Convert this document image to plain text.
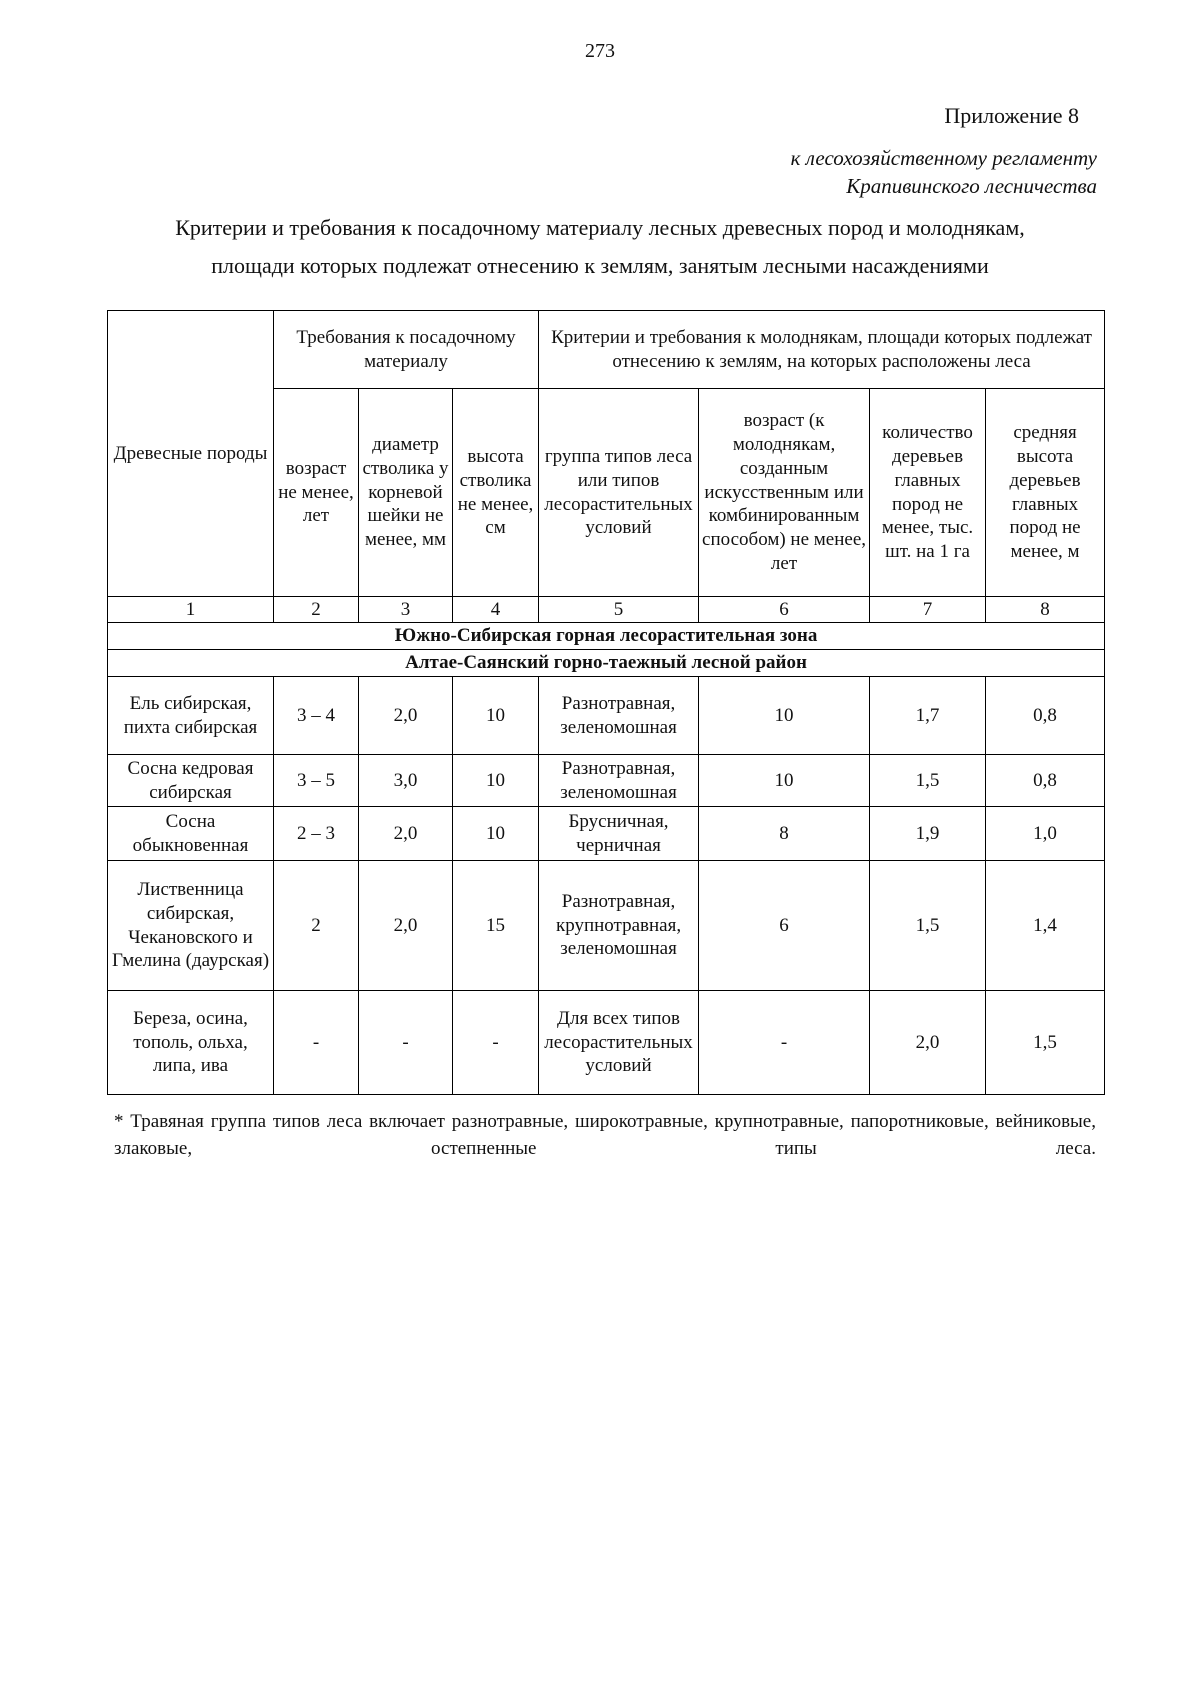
273
Приложение 8
к лесохозяйственному регламенту
Крапивинского лесничества
Критерии и требования к посадочному материалу лесных древесных пород и молоднякам,
площади которых подлежат отнесению к землям, занятым лесными насаждениями
Древесные породы	Требования к посадочному материалу			Критерии и требования к молоднякам, площади которых подлежат отнесению к землям, на которых расположены леса			
	возраст не менее, лет	диаметр стволика у корневой шейки не менее, мм	высота стволика не менее, см	группа типов леса или типов лесорастительных условий	возраст (к молоднякам, созданным искусственным или комбинированным способом) не менее, лет	количество деревьев главных пород не менее, тыс. шт. на 1 га	средняя высота деревьев главных пород не менее, м
1	2	3	4	5	6	7	8
Южно-Сибирская горная лесорастительная зона							
Алтае-Саянский горно-таежный лесной район							
Ель сибирская, пихта сибирская	3 – 4	2,0	10	Разнотравная, зеленомошная	10	1,7	0,8
Сосна кедровая сибирская	3 – 5	3,0	10	Разнотравная, зеленомошная	10	1,5	0,8
Сосна обыкновенная	2 – 3	2,0	10	Брусничная, черничная	8	1,9	1,0
Лиственница сибирская, Чекановского и Гмелина (даурская)	2	2,0	15	Разнотравная, крупнотравная, зеленомошная	6	1,5	1,4
Береза, осина, тополь, ольха, липа, ива	-	-	-	Для всех типов лесорастительных условий	-	2,0	1,5
* Травяная группа типов леса включает разнотравные, широкотравные, крупнотравные, папоротниковые, вейниковые, злаковые, остепненные типы леса.
